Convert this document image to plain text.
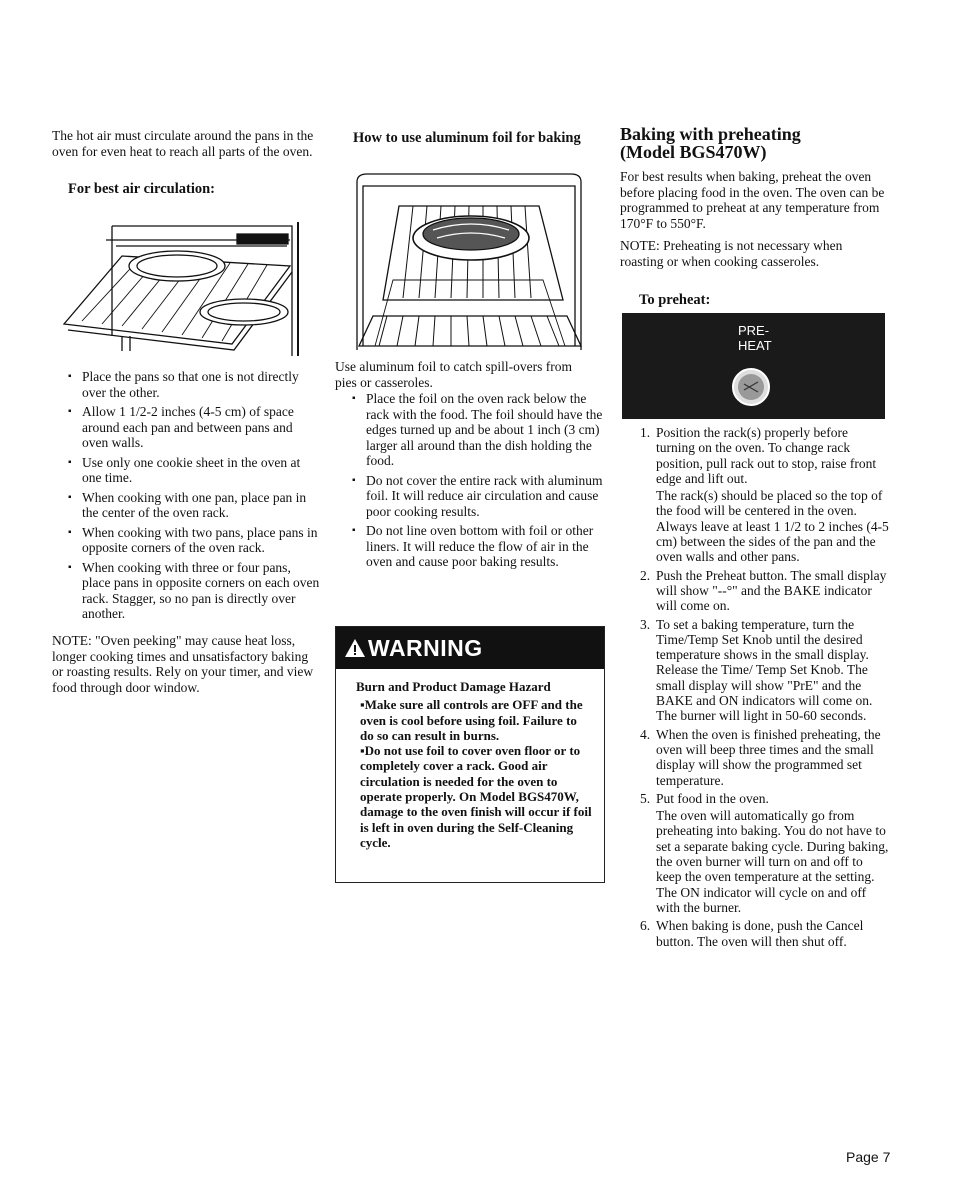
The hot air must circulate around the pans in the oven for even heat to reach all parts of the oven.

For best air circulation:
▪ Place the pans so that one is not directly over the other.
▪ Allow 1 1/2-2 inches (4-5 cm) of space around each pan and between pans and oven walls.
▪ Use only one cookie sheet in the oven at one time.
▪ When cooking with one pan, place pan in the center of the oven rack.
▪ When cooking with two pans, place pans in opposite corners of the oven rack.
▪ When cooking with three or four pans, place pans in opposite corners on each oven rack. Stagger, so no pan is directly over another.

NOTE: "Oven peeking" may cause heat loss, longer cooking times and unsatisfactory baking or roasting results. Rely on your timer, and view food through door window.

How to use aluminum foil for baking

Use aluminum foil to catch spill-overs from pies or casseroles.

▪ Place the foil on the oven rack below the rack with the food. The foil should have the edges turned up and be about 1 inch (3 cm) larger all around than the dish holding the food.
▪ Do not cover the entire rack with aluminum foil. It will reduce air circulation and cause poor cooking results.
▪ Do not line oven bottom with foil or other liners. It will reduce the flow of air in the oven and cause poor baking results.
WARNING
Burn and Product Damage Hazard
▪Make sure all controls are OFF and the oven is cool before using foil. Failure to do so can result in burns.
▪Do not use foil to cover oven floor or to completely cover a rack. Good air circulation is needed for the oven to operate properly. On Model BGS470W, damage to the oven finish will occur if foil is left in oven during the Self-Cleaning cycle.
Baking with preheating
(Model BGS470W)

For best results when baking, preheat the oven before placing food in the oven. The oven can be programmed to preheat at any temperature from 170°F to 550°F.

NOTE: Preheating is not necessary when roasting or when cooking casseroles.

To preheat:
PRE-
HEAT
1. Position the rack(s) properly before turning on the oven. To change rack position, pull rack out to stop, raise front edge and lift out.
The rack(s) should be placed so the top of the food will be centered in the oven. Always leave at least 1 1/2 to 2 inches (4-5 cm) between the sides of the pan and the oven walls and other pans.
2. Push the Preheat button. The small display will show "--°" and the BAKE indicator will come on.
3. To set a baking temperature, turn the Time/Temp Set Knob until the desired temperature shows in the small display. Release the Time/ Temp Set Knob. The small display will show "PrE" and the BAKE and ON indicators will come on. The burner will light in 50-60 seconds.
4. When the oven is finished preheating, the oven will beep three times and the small display will show the programmed set temperature.
5. Put food in the oven.
The oven will automatically go from preheating into baking. You do not have to set a separate baking cycle. During baking, the oven burner will turn on and off to keep the oven temperature at the setting. The ON indicator will cycle on and off with the burner.
6. When baking is done, push the Cancel button. The oven will then shut off.
Page 7
